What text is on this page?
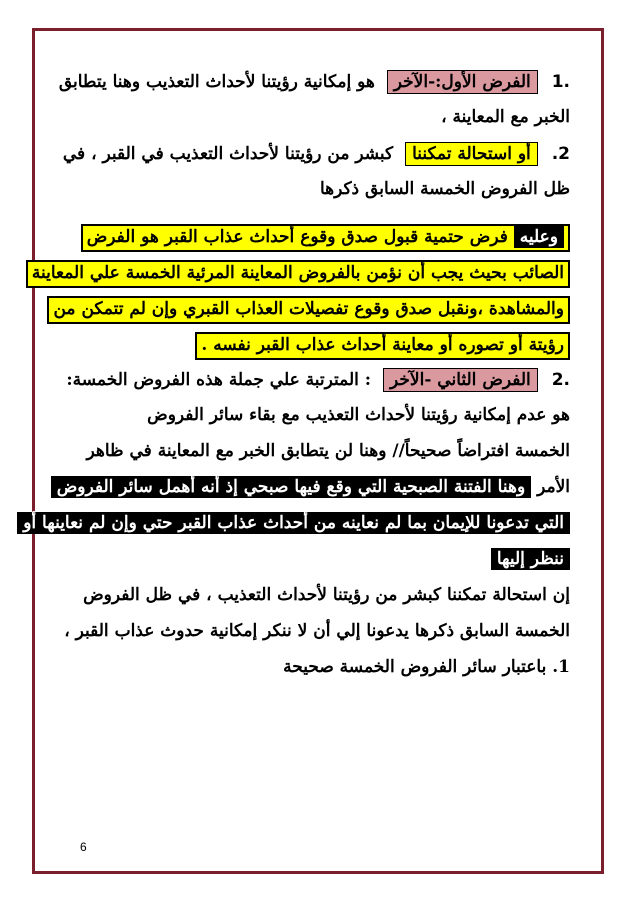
.1 الفرض الأول:-الآخر هو إمكانية رؤيتنا لأحداث التعذيب وهنا يتطابق
الخبر مع المعاينة ،
2. أو استحالة تمكننا كبشر من رؤيتنا لأحداث التعذيب في القبر ، في
ظل الفروض الخمسة السابق ذكرها
وعليه فرض حتمية قبول صدق وقوع أحداث عذاب القبر هو الفرض
الصائب بحيث يجب أن نؤمن بالفروض المعاينة المرئية الخمسة علي المعاينة
والمشاهدة ،ونقبل صدق وقوع تفصيلات العذاب القبري وإن لم تتمكن من
رؤيتة أو تصوره أو معاينة أحداث عذاب القبر نفسه .
.2 الفرض الثاني -الآخر : المترتبة علي جملة هذه الفروض الخمسة:
هو عدم إمكانية رؤيتنا لأحداث التعذيب مع بقاء سائر الفروض
الخمسة افتراضاً صحيحاً// وهنا لن يتطابق الخبر مع المعاينة في ظاهر
الأمر وهنا الفتنة الصبحية التي وقع فيها صبحي إذ أنه أهمل سائر الفروض
التي تدعونا للإيمان بما لم نعاينه من أحداث عذاب القبر حتي وإن لم نعاينها أو
ننظر إليها
إن استحالة تمكننا كبشر من رؤيتنا لأحداث التعذيب ، في ظل الفروض
الخمسة السابق ذكرها يدعونا إلي أن لا ننكر إمكانية حدوث عذاب القبر ،
1. باعتبار سائر الفروض الخمسة صحيحة
6
